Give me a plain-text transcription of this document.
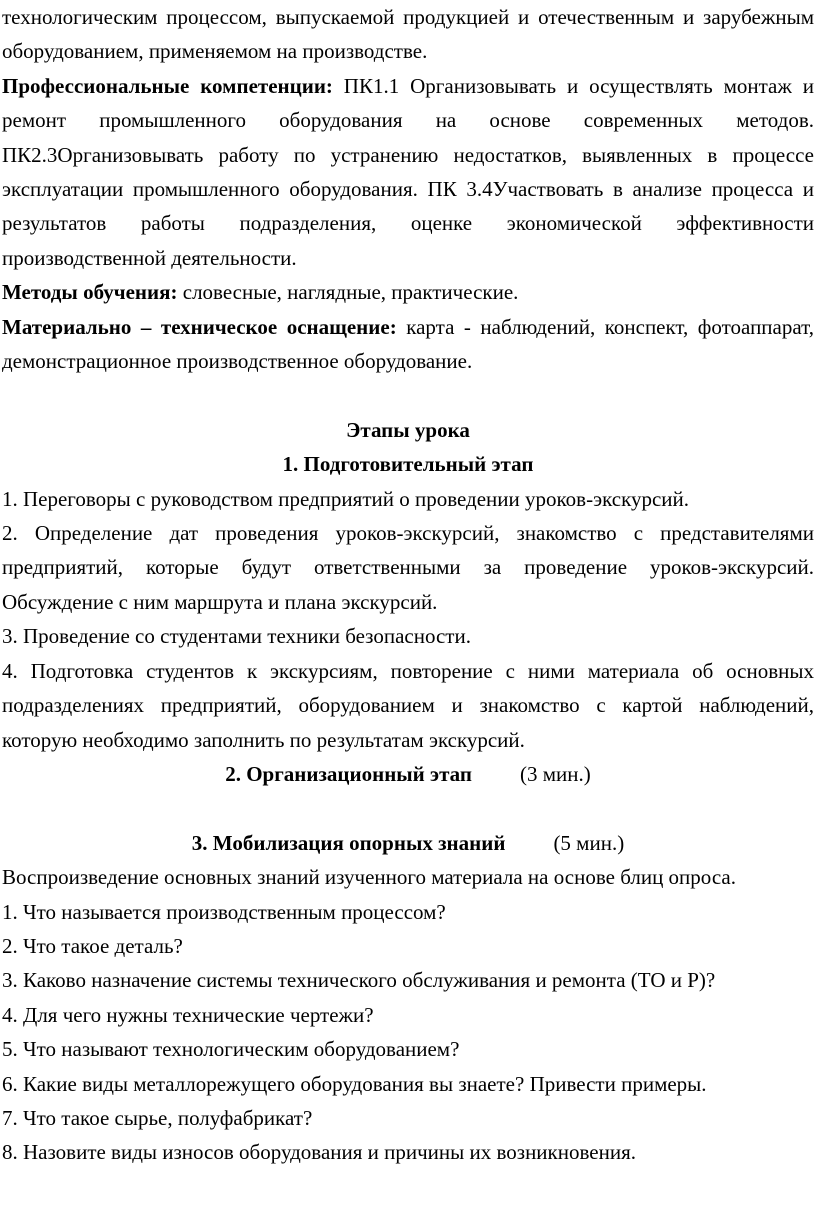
технологическим процессом, выпускаемой продукцией и отечественным и зарубежным оборудованием, применяемом на производстве.

Профессиональные компетенции: ПК1.1 Организовывать и осуществлять монтаж и ремонт промышленного оборудования на основе современных методов. ПК2.3Организовывать работу по устранению недостатков, выявленных в процессе эксплуатации промышленного оборудования. ПК 3.4Участвовать в анализе процесса и результатов работы подразделения, оценке экономической эффективности производственной деятельности.

Методы обучения: словесные, наглядные, практические.

Материально – техническое оснащение: карта - наблюдений, конспект, фотоаппарат, демонстрационное производственное оборудование.

Этапы урока

1. Подготовительный этап

1. Переговоры с руководством предприятий о проведении уроков-экскурсий.

2. Определение дат проведения уроков-экскурсий, знакомство с представителями предприятий, которые будут ответственными за проведение уроков-экскурсий. Обсуждение с ним маршрута и плана экскурсий.

3. Проведение со студентами техники безопасности.

4. Подготовка студентов к экскурсиям, повторение с ними материала об основных подразделениях предприятий, оборудованием и знакомство с картой наблюдений, которую необходимо заполнить по результатам экскурсий.

2. Организационный этап (3 мин.)

3. Мобилизация опорных знаний (5 мин.)

Воспроизведение основных знаний изученного материала на основе блиц опроса.

1. Что называется производственным процессом?

2. Что такое деталь?

3. Каково назначение системы технического обслуживания и ремонта (ТО и Р)?

4. Для чего нужны технические чертежи?

5. Что называют технологическим оборудованием?

6. Какие виды металлорежущего оборудования вы знаете? Привести примеры.

7. Что такое сырье, полуфабрикат?

8. Назовите виды износов оборудования и причины их возникновения.
